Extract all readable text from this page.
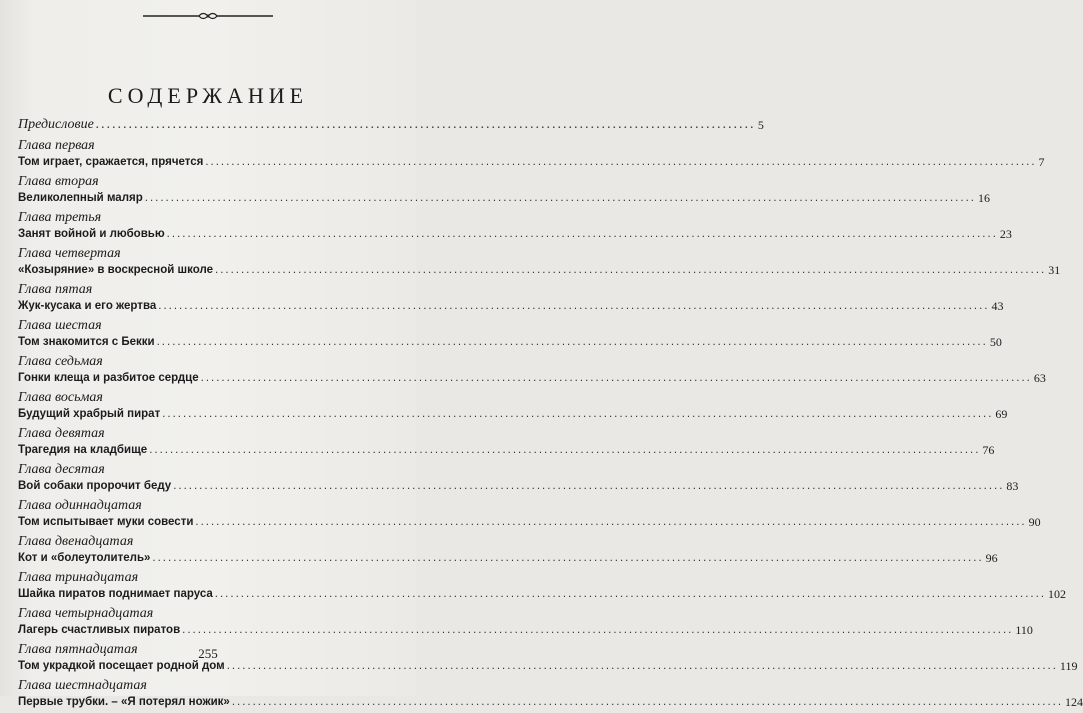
СОДЕРЖАНИЕ
Предисловие ........................................................................................................................ 5
Глава первая
Том играет, сражается, прячется ................................................................................................................................................................ 7
Глава вторая
Великолепный маляр ................................................................................................................................................................ 16
Глава третья
Занят войной и любовью ................................................................................................................................................................ 23
Глава четвертая
«Козыряние» в воскресной школе ................................................................................................................................................................ 31
Глава пятая
Жук-кусака и его жертва ................................................................................................................................................................ 43
Глава шестая
Том знакомится с Бекки ................................................................................................................................................................ 50
Глава седьмая
Гонки клеща и разбитое сердце ................................................................................................................................................................ 63
Глава восьмая
Будущий храбрый пират ................................................................................................................................................................ 69
Глава девятая
Трагедия на кладбище ................................................................................................................................................................ 76
Глава десятая
Вой собаки пророчит беду ................................................................................................................................................................ 83
Глава одиннадцатая
Том испытывает муки совести ................................................................................................................................................................ 90
Глава двенадцатая
Кот и «болеутолитель» ................................................................................................................................................................ 96
Глава тринадцатая
Шайка пиратов поднимает паруса ................................................................................................................................................................ 102
Глава четырнадцатая
Лагерь счастливых пиратов ................................................................................................................................................................ 110
Глава пятнадцатая
Том украдкой посещает родной дом ................................................................................................................................................................ 119
Глава шестнадцатая
Первые трубки. – «Я потерял ножик» ................................................................................................................................................................ 124
255
